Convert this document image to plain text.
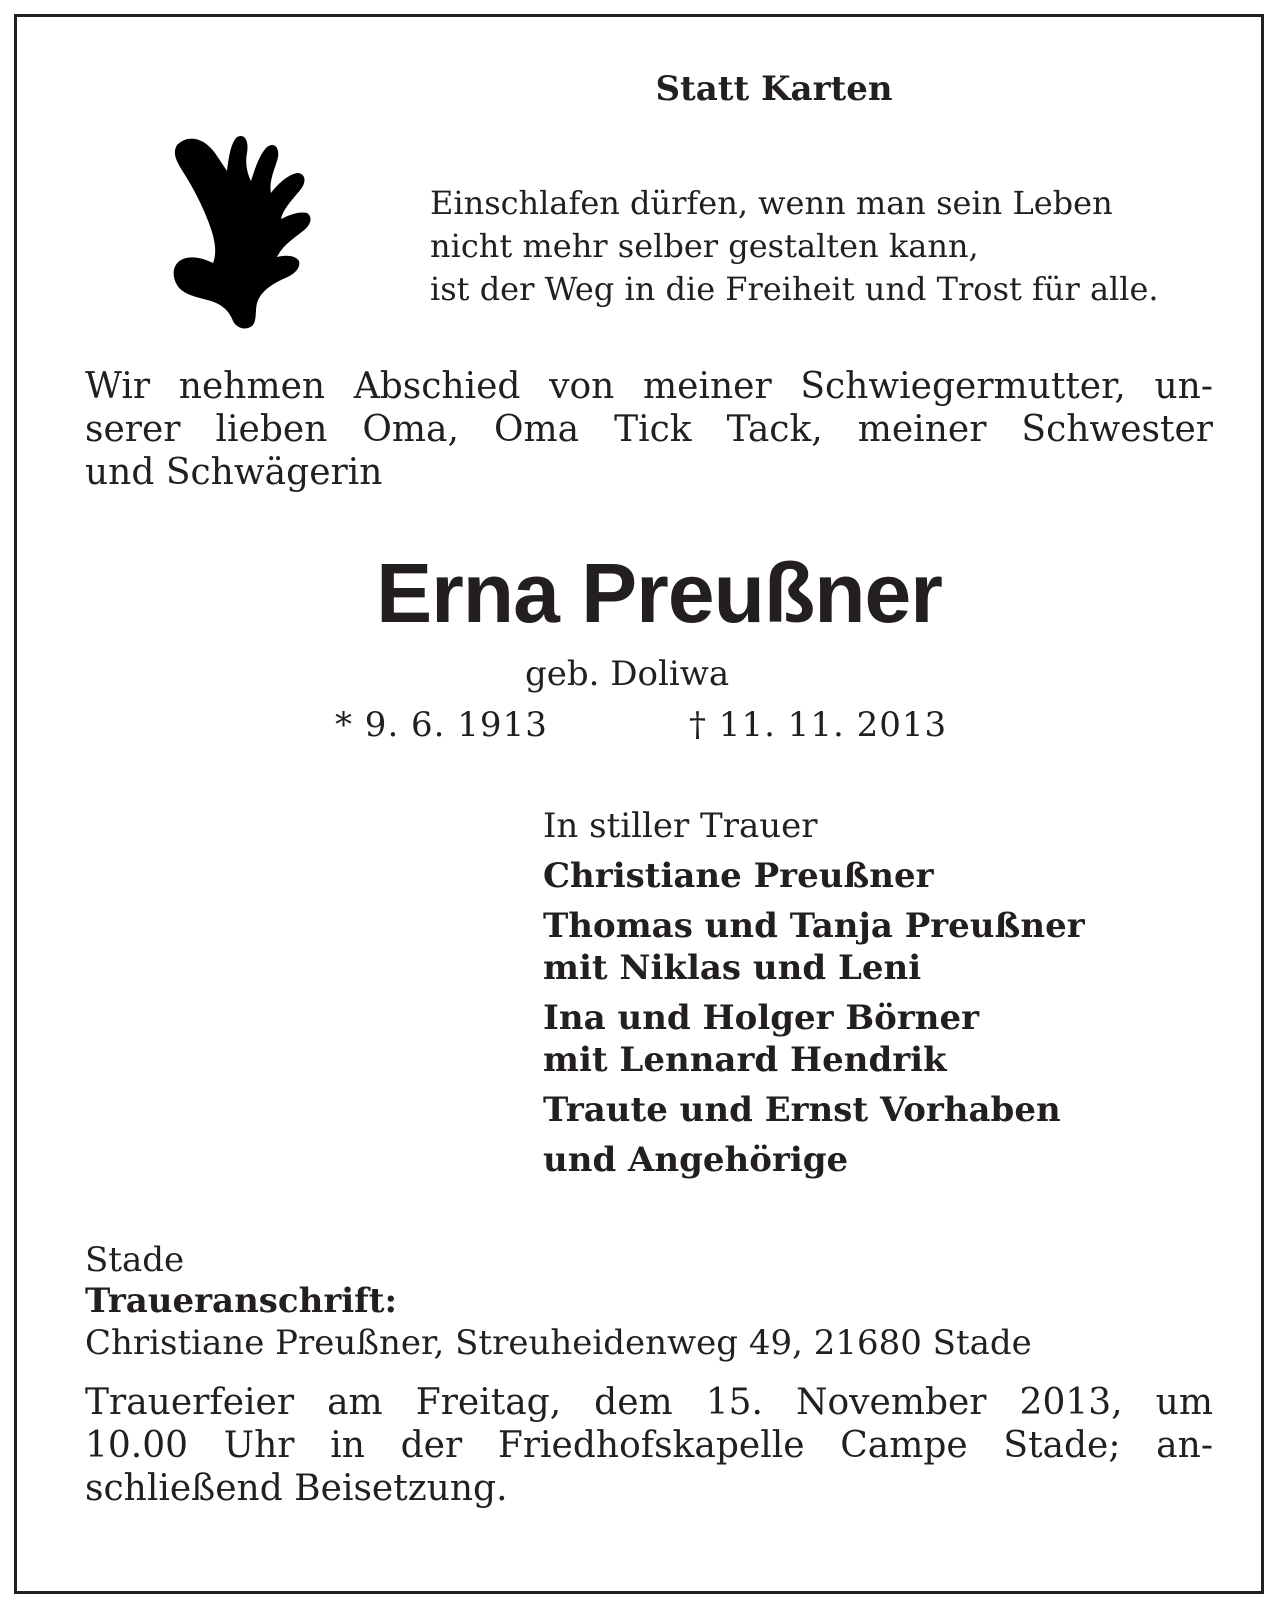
Statt Karten
Einschlafen dürfen, wenn man sein Leben
nicht mehr selber gestalten kann,
ist der Weg in die Freiheit und Trost für alle.
Wir nehmen Abschied von meiner Schwiegermutter, un-
serer lieben Oma, Oma Tick Tack, meiner Schwester
und Schwägerin
Erna Preußner
geb. Doliwa
* 9. 6. 1913	† 11. 11. 2013
In stiller Trauer
Christiane Preußner
Thomas und Tanja Preußner
mit Niklas und Leni
Ina und Holger Börner
mit Lennard Hendrik
Traute und Ernst Vorhaben
und Angehörige
Stade
Traueranschrift:
Christiane Preußner, Streuheidenweg 49, 21680 Stade
Trauerfeier am Freitag, dem 15. November 2013, um
10.00 Uhr in der Friedhofskapelle Campe Stade; an-
schließend Beisetzung.
